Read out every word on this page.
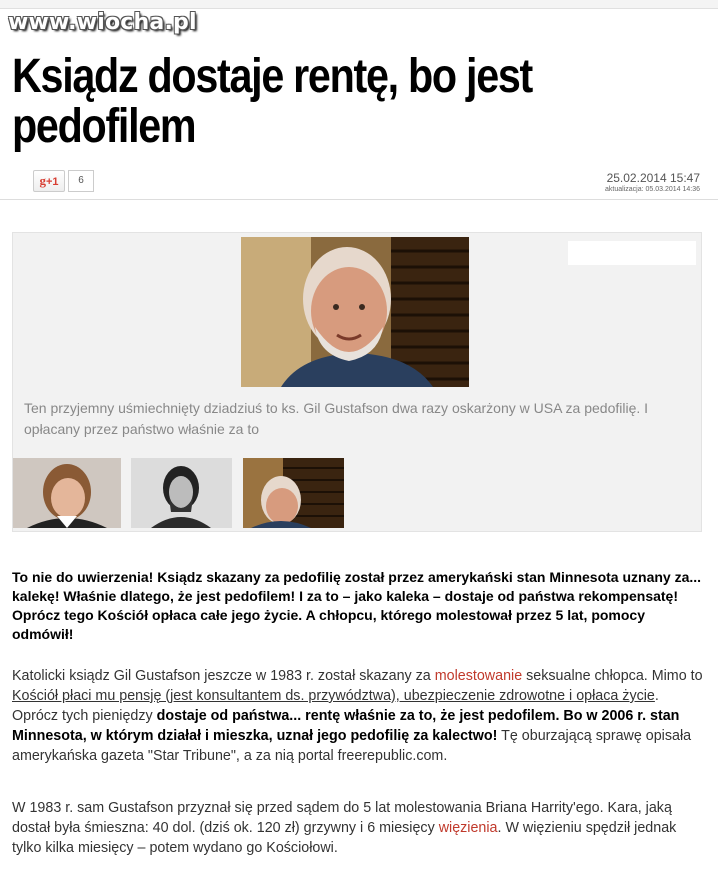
www.wiocha.pl
Ksiądz dostaje rentę, bo jest pedofilem
g+1	6	25.02.2014 15:47
aktualizacja: 05.03.2014 14:36
Ten przyjemny uśmiechnięty dziadziuś to ks. Gil Gustafson dwa razy oskarżony w USA za pedofilię. I opłacany przez państwo właśnie za to
To nie do uwierzenia! Ksiądz skazany za pedofilię został przez amerykański stan Minnesota uznany za... kalekę! Właśnie dlatego, że jest pedofilem! I za to – jako kaleka – dostaje od państwa rekompensatę! Oprócz tego Kościół opłaca całe jego życie. A chłopcu, którego molestował przez 5 lat, pomocy odmówił!
Katolicki ksiądz Gil Gustafson jeszcze w 1983 r. został skazany za molestowanie seksualne chłopca. Mimo to Kościół płaci mu pensję (jest konsultantem ds. przywództwa), ubezpieczenie zdrowotne i opłaca życie. Oprócz tych pieniędzy dostaje od państwa... rentę właśnie za to, że jest pedofilem. Bo w 2006 r. stan Minnesota, w którym działał i mieszka, uznał jego pedofilię za kalectwo! Tę oburzającą sprawę opisała amerykańska gazeta "Star Tribune", a za nią portal freerepublic.com.
W 1983 r. sam Gustafson przyznał się przed sądem do 5 lat molestowania Briana Harrity'ego. Kara, jaką dostał była śmieszna: 40 dol. (dziś ok. 120 zł) grzywny i 6 miesięcy więzienia. W więzieniu spędził jednak tylko kilka miesięcy – potem wydano go Kościołowi.
